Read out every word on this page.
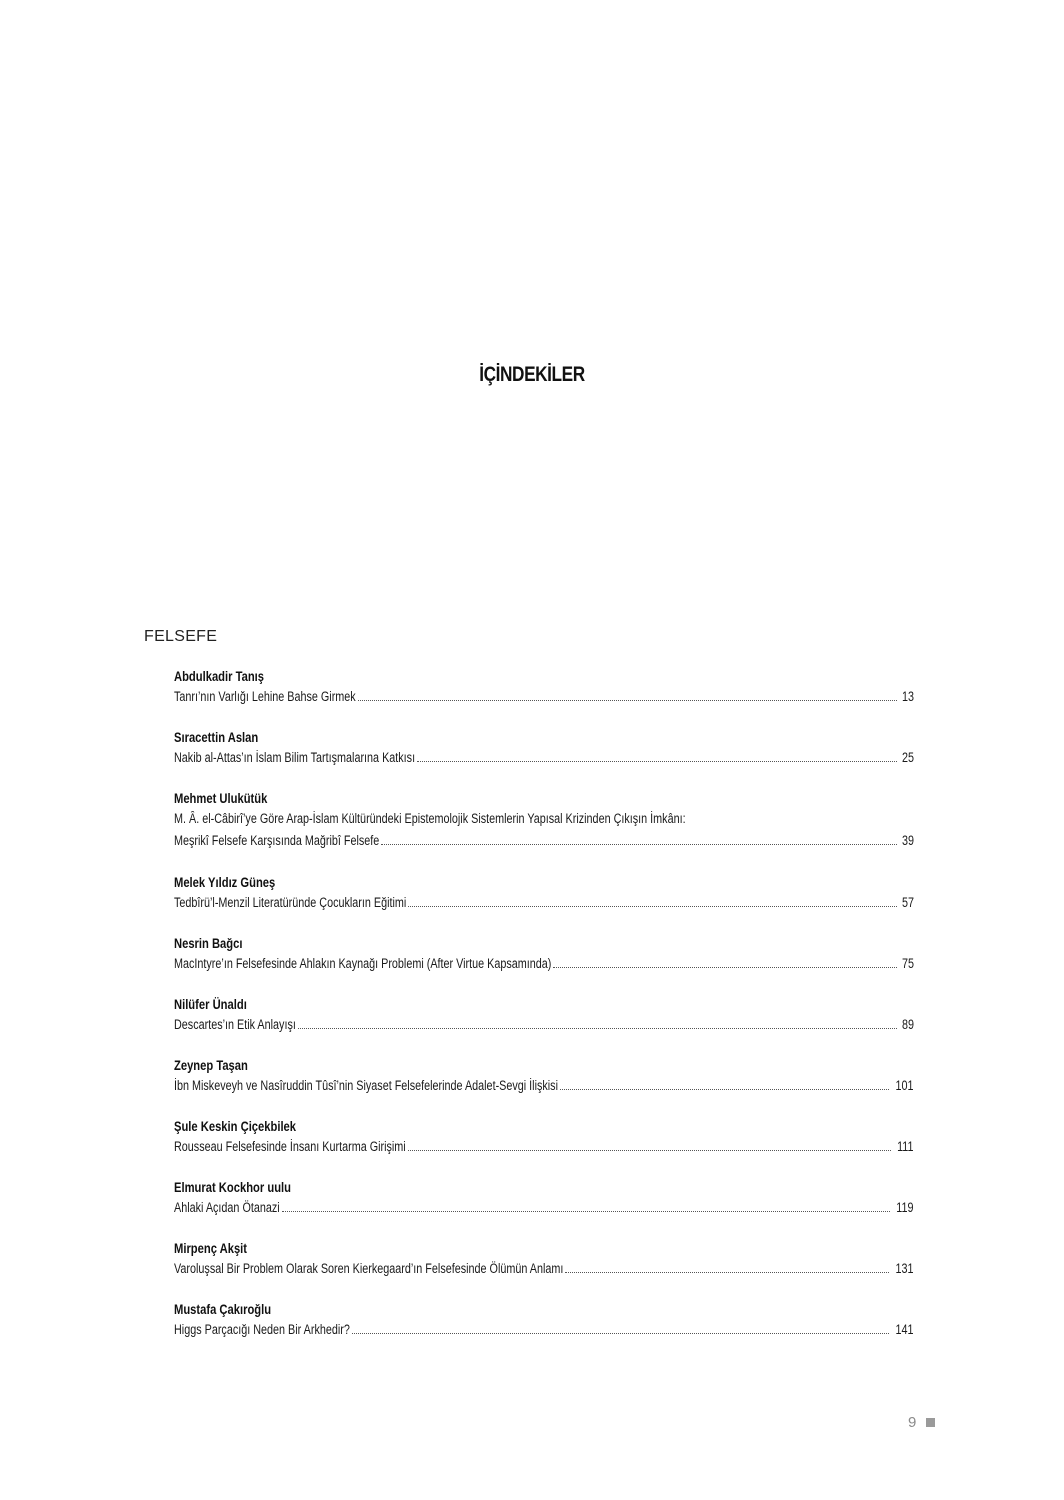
İÇİNDEKİLER
FELSEFE
Abdulkadir Tanış
Tanrı’nın Varlığı Lehine Bahse Girmek	13
Sıracettin Aslan
Nakib al-Attas’ın İslam Bilim Tartışmalarına Katkısı	25
Mehmet Ulukütük
M. Â. el-Câbirî’ye Göre Arap-İslam Kültüründeki Epistemolojik Sistemlerin Yapısal Krizinden Çıkışın İmkânı:
Meşrikî Felsefe Karşısında Mağribî Felsefe	39
Melek Yıldız Güneş
Tedbîrü’l-Menzil Literatüründe Çocukların Eğitimi	57
Nesrin Bağcı
MacIntyre’ın Felsefesinde Ahlakın Kaynağı Problemi (After Virtue Kapsamında)	75
Nilüfer Ünaldı
Descartes’ın Etik Anlayışı	89
Zeynep Taşan
İbn Miskeveyh ve Nasîruddin Tûsî’nin Siyaset Felsefelerinde Adalet-Sevgi İlişkisi	101
Şule Keskin Çiçekbilek
Rousseau Felsefesinde İnsanı Kurtarma Girişimi	111
Elmurat Kockhor uulu
Ahlaki Açıdan Ötanazi	119
Mirpenç Akşit
Varoluşsal Bir Problem Olarak Soren Kierkegaard’ın Felsefesinde Ölümün Anlamı	131
Mustafa Çakıroğlu
Higgs Parçacığı Neden Bir Arkhedir?	141
9
